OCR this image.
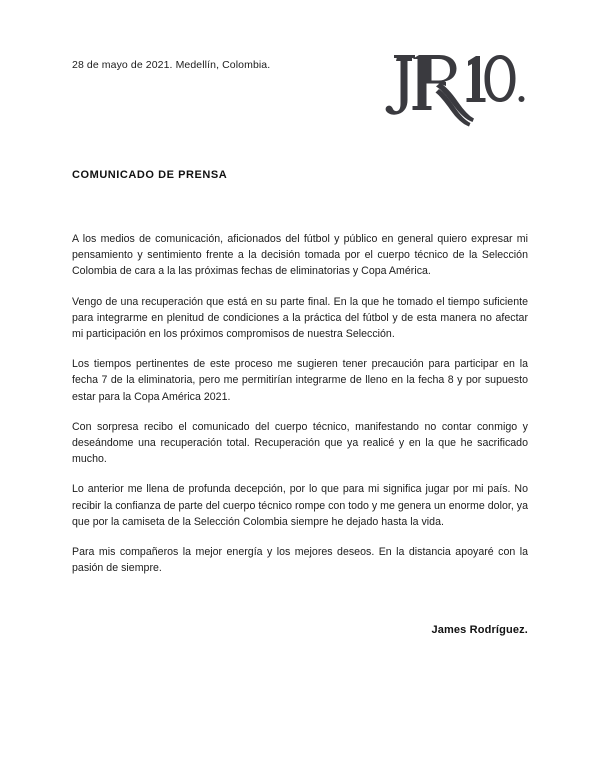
28 de mayo de 2021. Medellín, Colombia.
COMUNICADO DE PRENSA

A los medios de comunicación, aficionados del fútbol y público en general quiero expresar mi pensamiento y sentimiento frente a la decisión tomada por el cuerpo técnico de la Selección Colombia de cara a la las próximas fechas de eliminatorias y Copa América.

Vengo de una recuperación que está en su parte final. En la que he tomado el tiempo suficiente para integrarme en plenitud de condiciones a la práctica del fútbol y de esta manera no afectar mi participación en los próximos compromisos de nuestra Selección.

Los tiempos pertinentes de este proceso me sugieren tener precaución para participar en la fecha 7 de la eliminatoria, pero me permitirían integrarme de lleno en la fecha 8 y por supuesto estar para la Copa América 2021.

Con sorpresa recibo el comunicado del cuerpo técnico, manifestando no contar conmigo y deseándome una recuperación total. Recuperación que ya realicé y en la que he sacrificado mucho.

Lo anterior me llena de profunda decepción, por lo que para mi significa jugar por mi país. No recibir la confianza de parte del cuerpo técnico rompe con todo y me genera un enorme dolor, ya que por la camiseta de la Selección Colombia siempre he dejado hasta la vida.

Para mis compañeros la mejor energía y los mejores deseos. En la distancia apoyaré con la pasión de siempre.

James Rodríguez.
